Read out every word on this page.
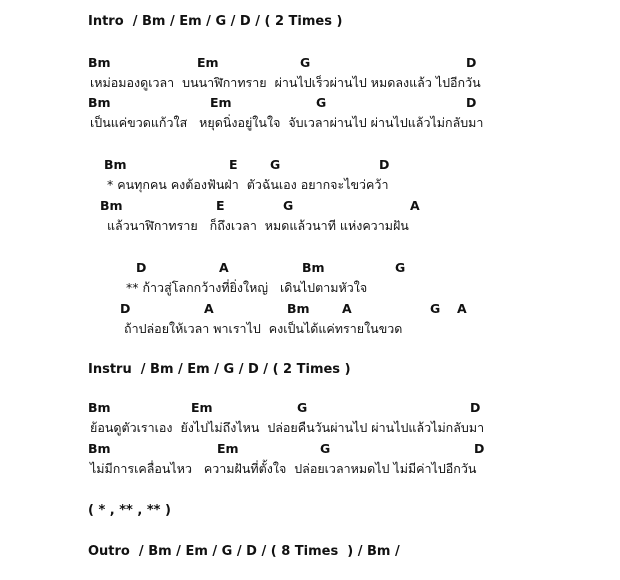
Intro  / Bm / Em / G / D / ( 2 Times )
Bm	Em	G	D
เหม่อมองดูเวลา  บนนาฬิกาทราย  ผ่านไปเร็วผ่านไป หมดลงแล้ว ไปอีกวัน
Bm	Em	G	D
เป็นแค่ขวดแก้วใส   หยุดนิ่งอยู่ในใจ  จับเวลาผ่านไป ผ่านไปแล้วไม่กลับมา
Bm	E	G	D
* คนทุกคน คงต้องฟันฝ่า  ตัวฉันเอง อยากจะไขว่คว้า
Bm	E	G	A
แล้วนาฬิกาทราย   ก็ถึงเวลา  หมดแล้วนาที แห่งความฝัน
D	A	Bm	G
** ก้าวสู่โลกกว้างที่ยิ่งใหญ่   เดินไปตามหัวใจ
D	A	Bm	A	G A
ถ้าปล่อยให้เวลา พาเราไป  คงเป็นได้แค่ทรายในขวด
Instru  / Bm / Em / G / D / ( 2 Times )
Bm	Em	G	D
ย้อนดูตัวเราเอง  ยังไปไม่ถึงไหน  ปล่อยคืนวันผ่านไป ผ่านไปแล้วไม่กลับมา
Bm	Em	G	D
ไม่มีการเคลื่อนไหว   ความฝันที่ตั้งใจ  ปล่อยเวลาหมดไป ไม่มีค่าไปอีกวัน
( * , ** , ** )
Outro  / Bm / Em / G / D / ( 8 Times  ) / Bm /
